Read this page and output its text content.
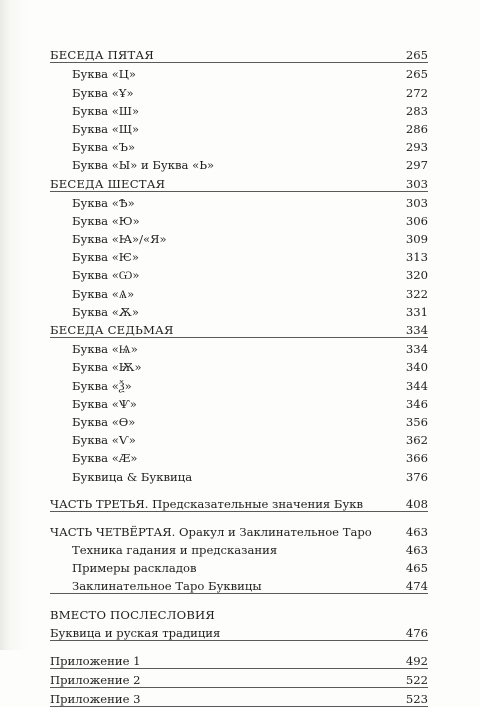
БЕСЕДА ПЯТАЯ	265
Буква «Ц»	265
Буква «Ұ»	272
Буква «Ш»	283
Буква «Щ»	286
Буква «Ъ»	293
Буква «Ы» и Буква «Ь»	297
БЕСЕДА ШЕСТАЯ	303
Буква «Ѣ»	303
Буква «Ю»	306
Буква «Ꙗ»/«Я»	309
Буква «Ѥ»	313
Буква «Ѡ»	320
Буква «Ѧ»	322
Буква «Ѫ»	331
БЕСЕДА СЕДЬМАЯ	334
Буква «Ѩ»	334
Буква «Ѭ»	340
Буква «Ѯ»	344
Буква «Ѱ»	346
Буква «Ѳ»	356
Буква «Ѵ»	362
Буква «Ӕ»	366
Буквица & Буквица	376
ЧАСТЬ ТРЕТЬЯ. Предсказательные значения Букв	408
ЧАСТЬ ЧЕТВЁРТАЯ. Оракул и Заклинательное Таро	463
Техника гадания и предсказания	463
Примеры раскладов	465
Заклинательное Таро Буквицы	474
ВМЕСТО ПОСЛЕСЛОВИЯ
Буквица и руская традиция	476
Приложение 1	492
Приложение 2	522
Приложение 3	523
